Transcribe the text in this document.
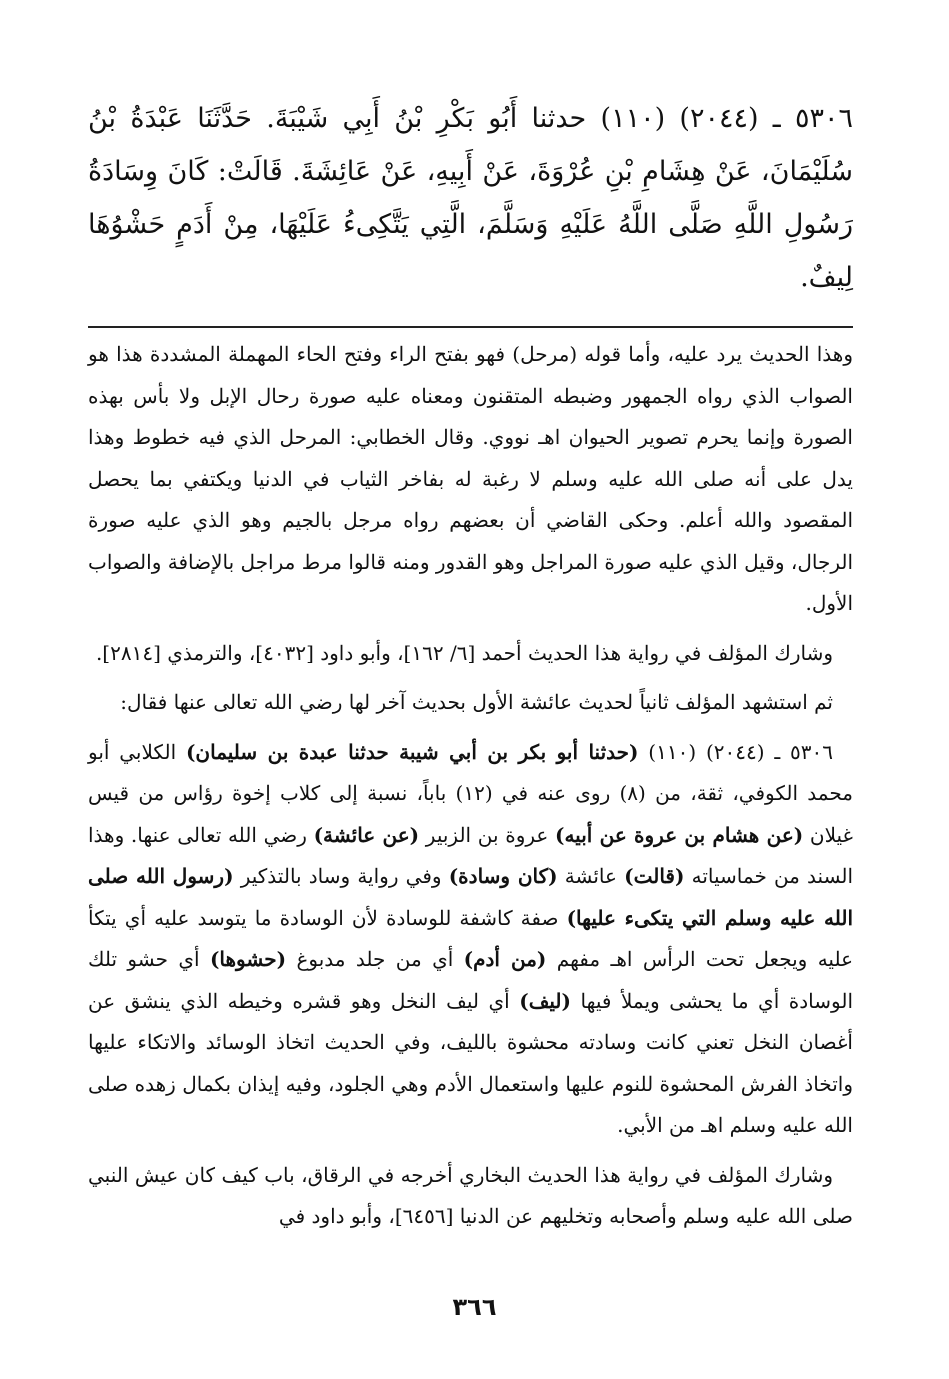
٥٣٠٦ ـ (٢٠٤٤) (١١٠) حدثنا أَبُو بَكْرِ بْنُ أَبِي شَيْبَةَ. حَدَّثَنَا عَبْدَةُ بْنُ سُلَيْمَانَ، عَنْ هِشَامِ بْنِ عُرْوَةَ، عَنْ أَبِيهِ، عَنْ عَائِشَةَ. قَالَتْ: كَانَ وِسَادَةُ رَسُولِ اللَّهِ صَلَّى اللَّهُ عَلَيْهِ وَسَلَّمَ، الَّتِي يَتَّكِىءُ عَلَيْهَا، مِنْ أَدَمٍ حَشْوُهَا لِيفٌ.

وهذا الحديث يرد عليه، وأما قوله (مرحل) فهو بفتح الراء وفتح الحاء المهملة المشددة هذا هو الصواب الذي رواه الجمهور وضبطه المتقنون ومعناه عليه صورة رحال الإبل ولا بأس بهذه الصورة وإنما يحرم تصوير الحيوان اهـ نووي. وقال الخطابي: المرحل الذي فيه خطوط وهذا يدل على أنه صلى الله عليه وسلم لا رغبة له بفاخر الثياب في الدنيا ويكتفي بما يحصل المقصود والله أعلم. وحكى القاضي أن بعضهم رواه مرجل بالجيم وهو الذي عليه صورة الرجال، وقيل الذي عليه صورة المراجل وهو القدور ومنه قالوا مرط مراجل بالإضافة والصواب الأول.

وشارك المؤلف في رواية هذا الحديث أحمد [٦/ ١٦٢]، وأبو داود [٤٠٣٢]، والترمذي [٢٨١٤].

ثم استشهد المؤلف ثانياً لحديث عائشة الأول بحديث آخر لها رضي الله تعالى عنها فقال:

٥٣٠٦ ـ (٢٠٤٤) (١١٠) (حدثنا أبو بكر بن أبي شيبة حدثنا عبدة بن سليمان) الكلابي أبو محمد الكوفي، ثقة، من (٨) روى عنه في (١٢) باباً، نسبة إلى كلاب إخوة رؤاس من قيس غيلان (عن هشام بن عروة عن أبيه) عروة بن الزبير (عن عائشة) رضي الله تعالى عنها. وهذا السند من خماسياته (قالت) عائشة (كان وسادة) وفي رواية وساد بالتذكير (رسول الله صلى الله عليه وسلم التي يتكىء عليها) صفة كاشفة للوسادة لأن الوسادة ما يتوسد عليه أي يتكأ عليه ويجعل تحت الرأس اهـ مفهم (من أدم) أي من جلد مدبوغ (حشوها) أي حشو تلك الوسادة أي ما يحشى ويملأ فيها (ليف) أي ليف النخل وهو قشره وخيطه الذي ينشق عن أغصان النخل تعني كانت وسادته محشوة بالليف، وفي الحديث اتخاذ الوسائد والاتكاء عليها واتخاذ الفرش المحشوة للنوم عليها واستعمال الأدم وهي الجلود، وفيه إيذان بكمال زهده صلى الله عليه وسلم اهـ من الأبي.

وشارك المؤلف في رواية هذا الحديث البخاري أخرجه في الرقاق، باب كيف كان عيش النبي صلى الله عليه وسلم وأصحابه وتخليهم عن الدنيا [٦٤٥٦]، وأبو داود في

٣٦٦
